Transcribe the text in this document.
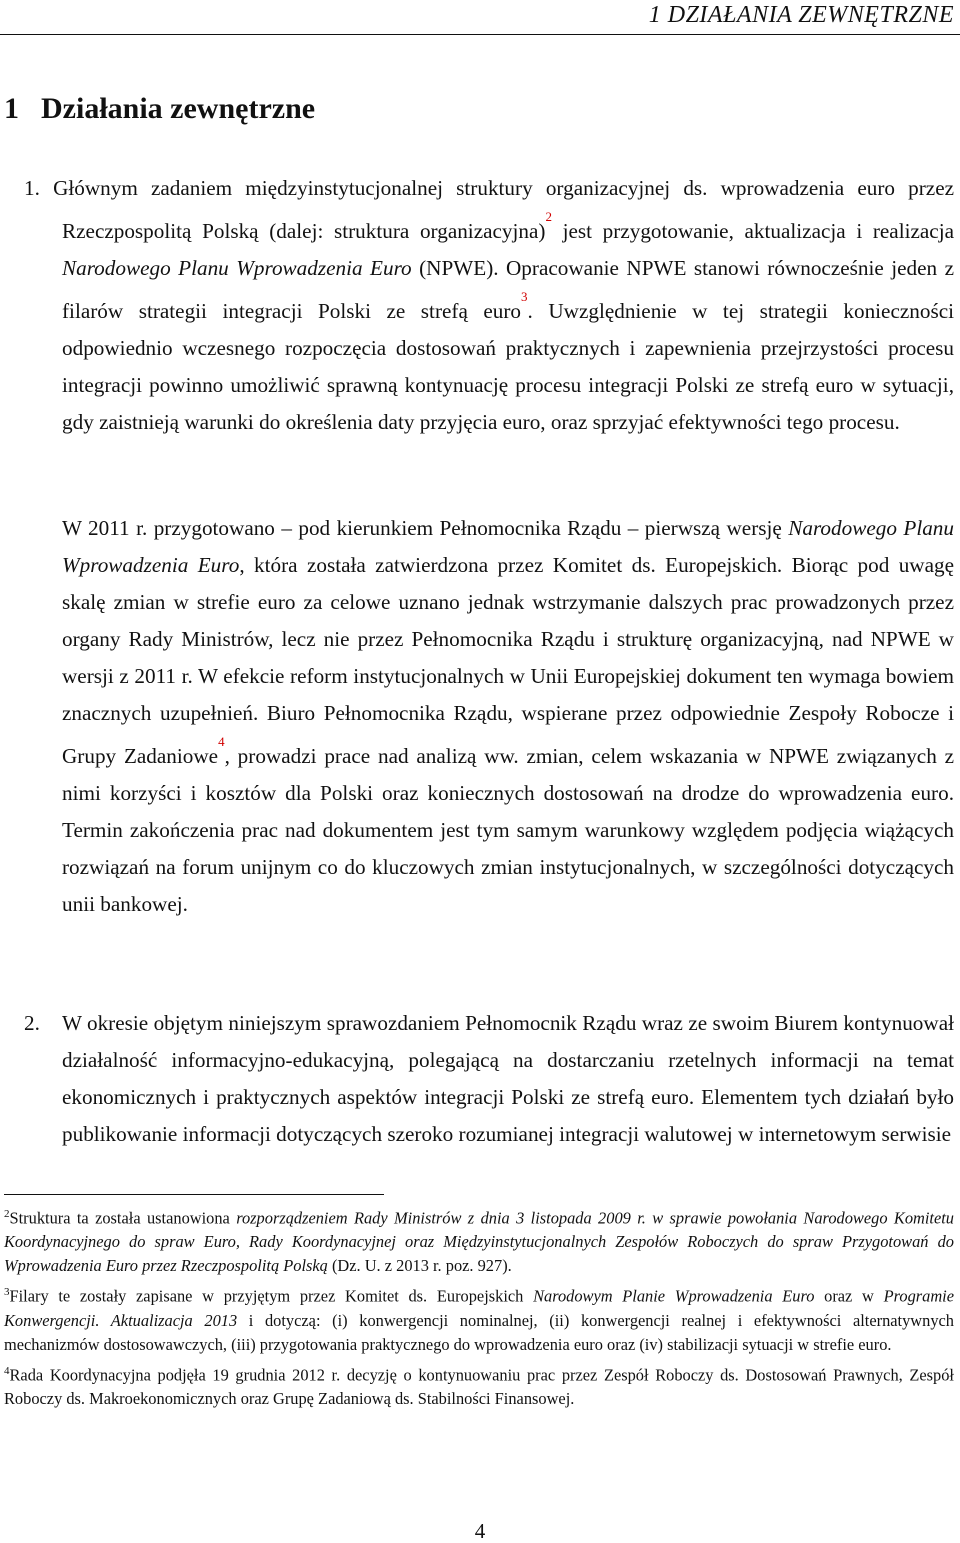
1 DZIAŁANIA ZEWNĘTRZNE
1 Działania zewnętrzne

1. Głównym zadaniem międzyinstytucjonalnej struktury organizacyjnej ds. wprowadzenia euro przez Rzeczpospolitą Polską (dalej: struktura organizacyjna)$^2$ jest przygotowanie, aktualizacja i realizacja Narodowego Planu Wprowadzenia Euro (NPWE). Opracowanie NPWE stanowi równocześnie jeden z filarów strategii integracji Polski ze strefą euro$^3$. Uwzględnienie w tej strategii konieczności odpowiednio wczesnego rozpoczęcia dostosowań praktycznych i zapewnienia przejrzystości procesu integracji powinno umożliwić sprawną kontynuację procesu integracji Polski ze strefą euro w sytuacji, gdy zaistnieją warunki do określenia daty przyjęcia euro, oraz sprzyjać efektywności tego procesu.

W 2011 r. przygotowano – pod kierunkiem Pełnomocnika Rządu – pierwszą wersję Narodowego Planu Wprowadzenia Euro, która została zatwierdzona przez Komitet ds. Europejskich. Biorąc pod uwagę skalę zmian w strefie euro za celowe uznano jednak wstrzymanie dalszych prac prowadzonych przez organy Rady Ministrów, lecz nie przez Pełnomocnika Rządu i strukturę organizacyjną, nad NPWE w wersji z 2011 r. W efekcie reform instytucjonalnych w Unii Europejskiej dokument ten wymaga bowiem znacznych uzupełnień. Biuro Pełnomocnika Rządu, wspierane przez odpowiednie Zespoły Robocze i Grupy Zadaniowe$^4$, prowadzi prace nad analizą ww. zmian, celem wskazania w NPWE związanych z nimi korzyści i kosztów dla Polski oraz koniecznych dostosowań na drodze do wprowadzenia euro. Termin zakończenia prac nad dokumentem jest tym samym warunkowy względem podjęcia wiążących rozwiązań na forum unijnym co do kluczowych zmian instytucjonalnych, w szczególności dotyczących unii bankowej.

2. W okresie objętym niniejszym sprawozdaniem Pełnomocnik Rządu wraz ze swoim Biurem kontynuował działalność informacyjno-edukacyjną, polegającą na dostarczaniu rzetelnych informacji na temat ekonomicznych i praktycznych aspektów integracji Polski ze strefą euro. Elementem tych działań było publikowanie informacji dotyczących szeroko rozumianej integracji walutowej w internetowym serwisie

$^2$Struktura ta została ustanowiona rozporządzeniem Rady Ministrów z dnia 3 listopada 2009 r. w sprawie powołania Narodowego Komitetu Koordynacyjnego do spraw Euro, Rady Koordynacyjnej oraz Międzyinstytucjonalnych Zespołów Roboczych do spraw Przygotowań do Wprowadzenia Euro przez Rzeczpospolitą Polską (Dz. U. z 2013 r. poz. 927).

$^3$Filary te zostały zapisane w przyjętym przez Komitet ds. Europejskich Narodowym Planie Wprowadzenia Euro oraz w Programie Konwergencji. Aktualizacja 2013 i dotyczą: (i) konwergencji nominalnej, (ii) konwergencji realnej i efektywności alternatywnych mechanizmów dostosowawczych, (iii) przygotowania praktycznego do wprowadzenia euro oraz (iv) stabilizacji sytuacji w strefie euro.

$^4$Rada Koordynacyjna podjęła 19 grudnia 2012 r. decyzję o kontynuowaniu prac przez Zespół Roboczy ds. Dostosowań Prawnych, Zespół Roboczy ds. Makroekonomicznych oraz Grupę Zadaniową ds. Stabilności Finansowej.

4
